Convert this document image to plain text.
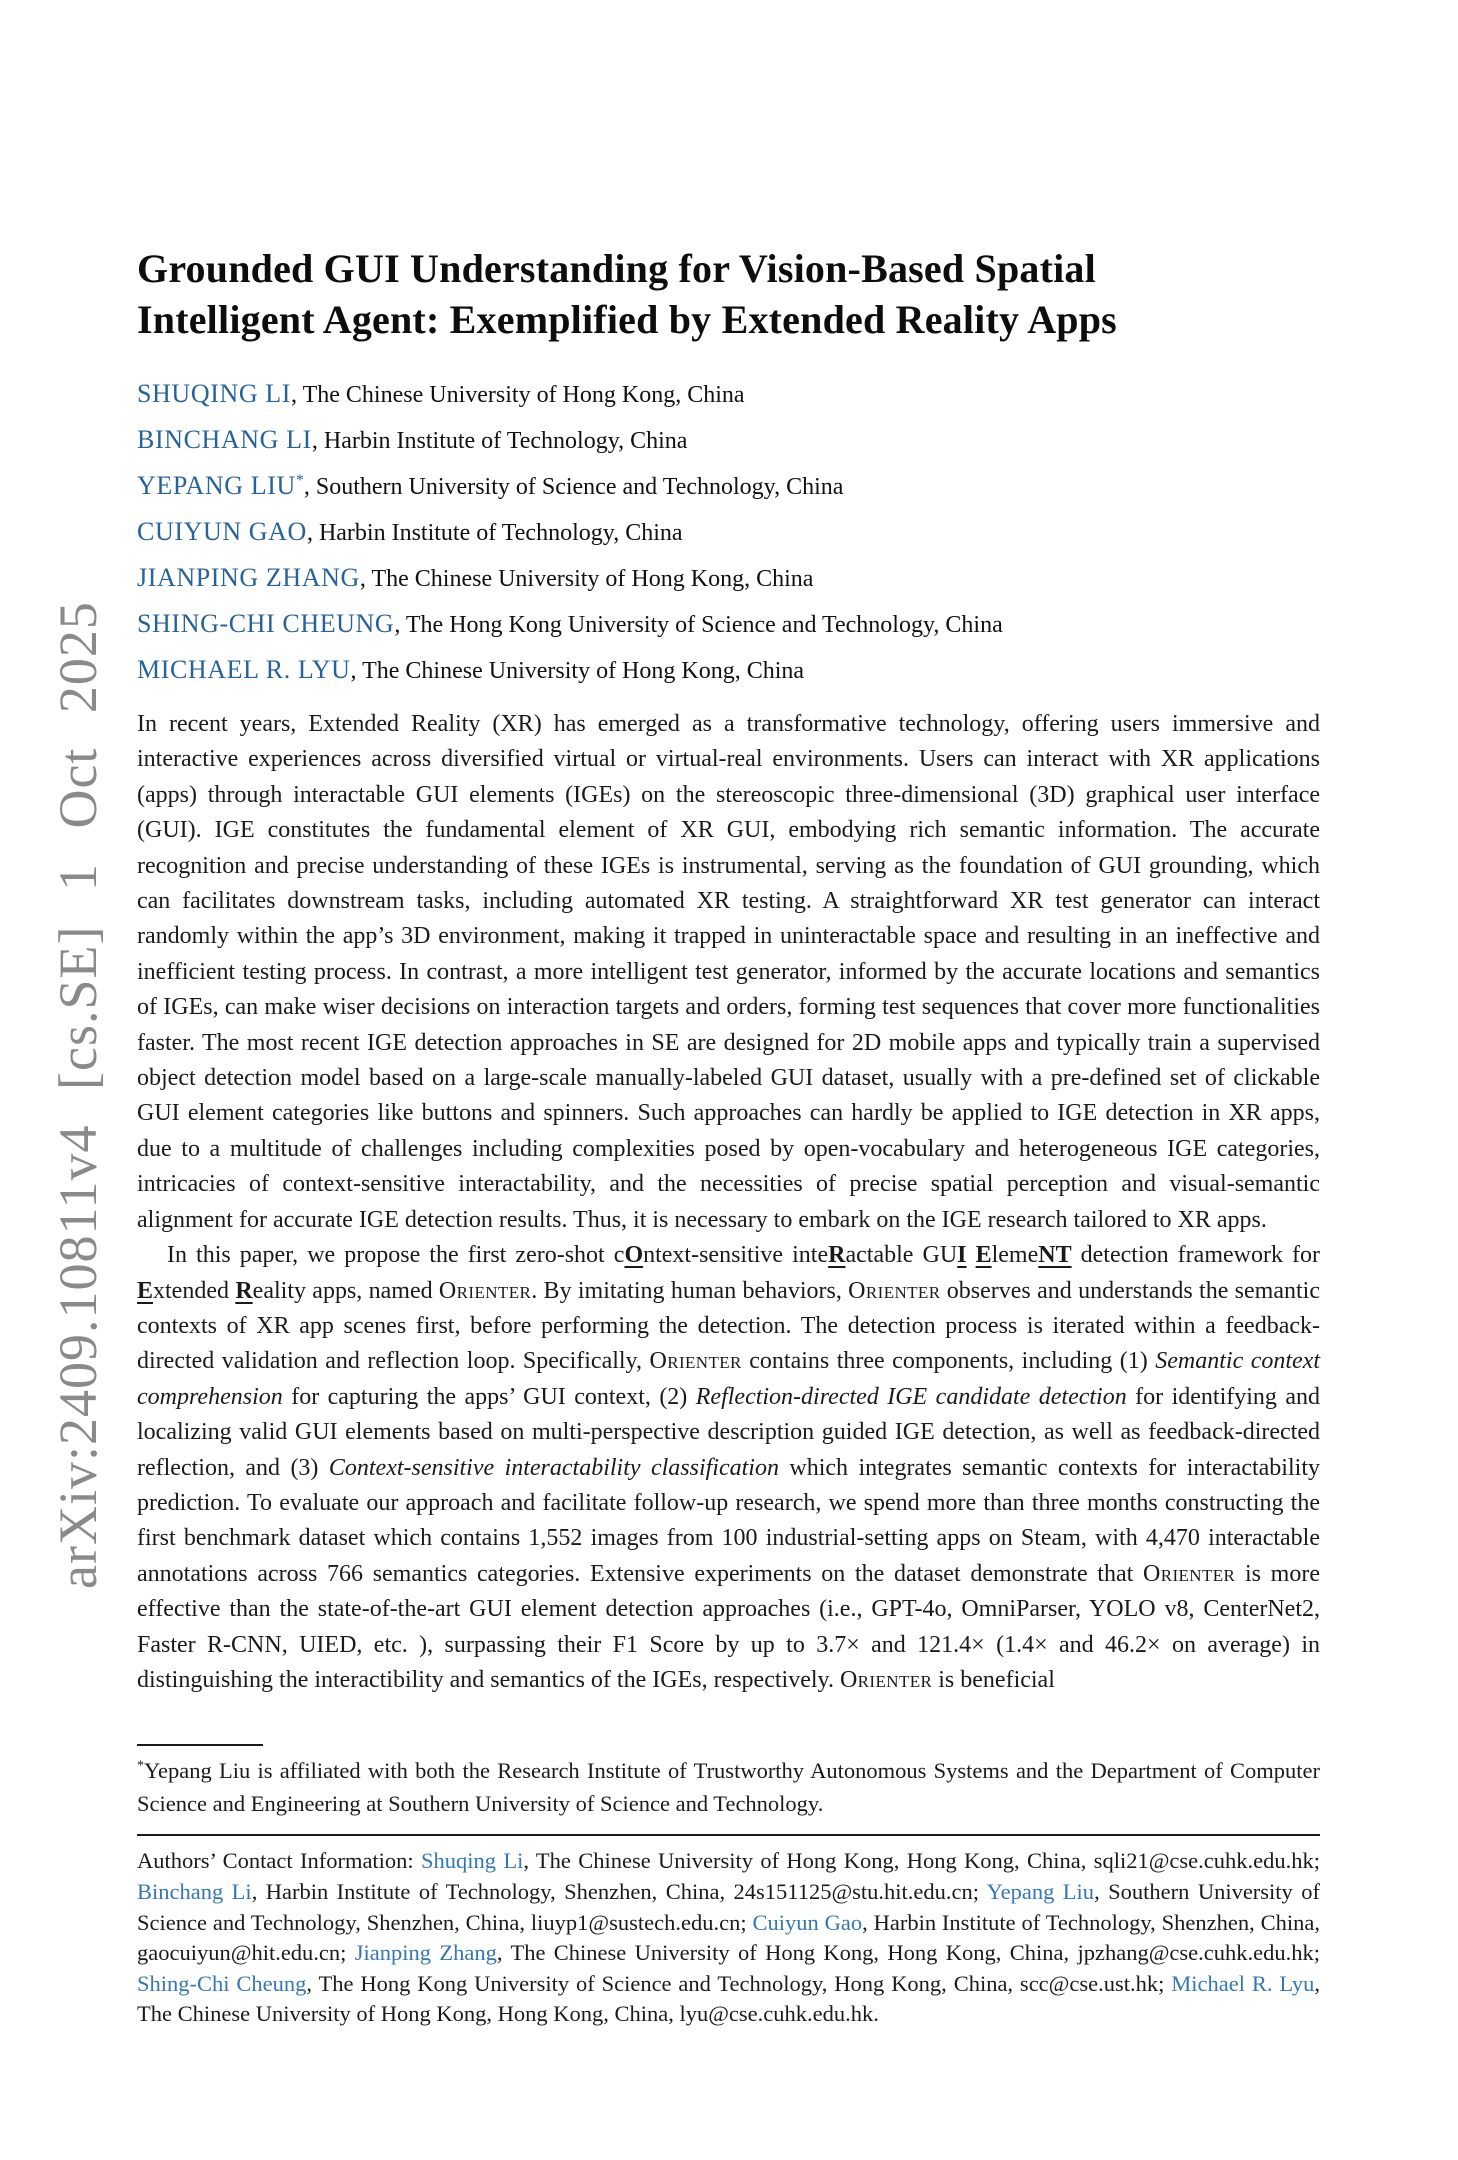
arXiv:2409.10811v4 [cs.SE] 1 Oct 2025
Grounded GUI Understanding for Vision-Based Spatial
Intelligent Agent: Exemplified by Extended Reality Apps
SHUQING LI, The Chinese University of Hong Kong, China
BINCHANG LI, Harbin Institute of Technology, China
YEPANG LIU*, Southern University of Science and Technology, China
CUIYUN GAO, Harbin Institute of Technology, China
JIANPING ZHANG, The Chinese University of Hong Kong, China
SHING-CHI CHEUNG, The Hong Kong University of Science and Technology, China
MICHAEL R. LYU, The Chinese University of Hong Kong, China

In recent years, Extended Reality (XR) has emerged as a transformative technology, offering users immersive and interactive experiences across diversified virtual or virtual-real environments. Users can interact with XR applications (apps) through interactable GUI elements (IGEs) on the stereoscopic three-dimensional (3D) graphical user interface (GUI). IGE constitutes the fundamental element of XR GUI, embodying rich semantic information. The accurate recognition and precise understanding of these IGEs is instrumental, serving as the foundation of GUI grounding, which can facilitates downstream tasks, including automated XR testing. A straightforward XR test generator can interact randomly within the app’s 3D environment, making it trapped in uninteractable space and resulting in an ineffective and inefficient testing process. In contrast, a more intelligent test generator, informed by the accurate locations and semantics of IGEs, can make wiser decisions on interaction targets and orders, forming test sequences that cover more functionalities faster. The most recent IGE detection approaches in SE are designed for 2D mobile apps and typically train a supervised object detection model based on a large-scale manually-labeled GUI dataset, usually with a pre-defined set of clickable GUI element categories like buttons and spinners. Such approaches can hardly be applied to IGE detection in XR apps, due to a multitude of challenges including complexities posed by open-vocabulary and heterogeneous IGE categories, intricacies of context-sensitive interactability, and the necessities of precise spatial perception and visual-semantic alignment for accurate IGE detection results. Thus, it is necessary to embark on the IGE research tailored to XR apps.

In this paper, we propose the first zero-shot cOntext-sensitive inteRactable GUI ElemeNT detection framework for Extended Reality apps, named Orienter. By imitating human behaviors, Orienter observes and understands the semantic contexts of XR app scenes first, before performing the detection. The detection process is iterated within a feedback-directed validation and reflection loop. Specifically, Orienter contains three components, including (1) Semantic context comprehension for capturing the apps’ GUI context, (2) Reflection-directed IGE candidate detection for identifying and localizing valid GUI elements based on multi-perspective description guided IGE detection, as well as feedback-directed reflection, and (3) Context-sensitive interactability classification which integrates semantic contexts for interactability prediction. To evaluate our approach and facilitate follow-up research, we spend more than three months constructing the first benchmark dataset which contains 1,552 images from 100 industrial-setting apps on Steam, with 4,470 interactable annotations across 766 semantics categories. Extensive experiments on the dataset demonstrate that Orienter is more effective than the state-of-the-art GUI element detection approaches (i.e., GPT-4o, OmniParser, YOLO v8, CenterNet2, Faster R-CNN, UIED, etc. ), surpassing their F1 Score by up to 3.7× and 121.4× (1.4× and 46.2× on average) in distinguishing the interactibility and semantics of the IGEs, respectively. Orienter is beneficial

*Yepang Liu is affiliated with both the Research Institute of Trustworthy Autonomous Systems and the Department of Computer Science and Engineering at Southern University of Science and Technology.
Authors’ Contact Information: Shuqing Li, The Chinese University of Hong Kong, Hong Kong, China, sqli21@cse.cuhk.edu.hk; Binchang Li, Harbin Institute of Technology, Shenzhen, China, 24s151125@stu.hit.edu.cn; Yepang Liu, Southern University of Science and Technology, Shenzhen, China, liuyp1@sustech.edu.cn; Cuiyun Gao, Harbin Institute of Technology, Shenzhen, China, gaocuiyun@hit.edu.cn; Jianping Zhang, The Chinese University of Hong Kong, Hong Kong, China, jpzhang@cse.cuhk.edu.hk; Shing-Chi Cheung, The Hong Kong University of Science and Technology, Hong Kong, China, scc@cse.ust.hk; Michael R. Lyu, The Chinese University of Hong Kong, Hong Kong, China, lyu@cse.cuhk.edu.hk.
